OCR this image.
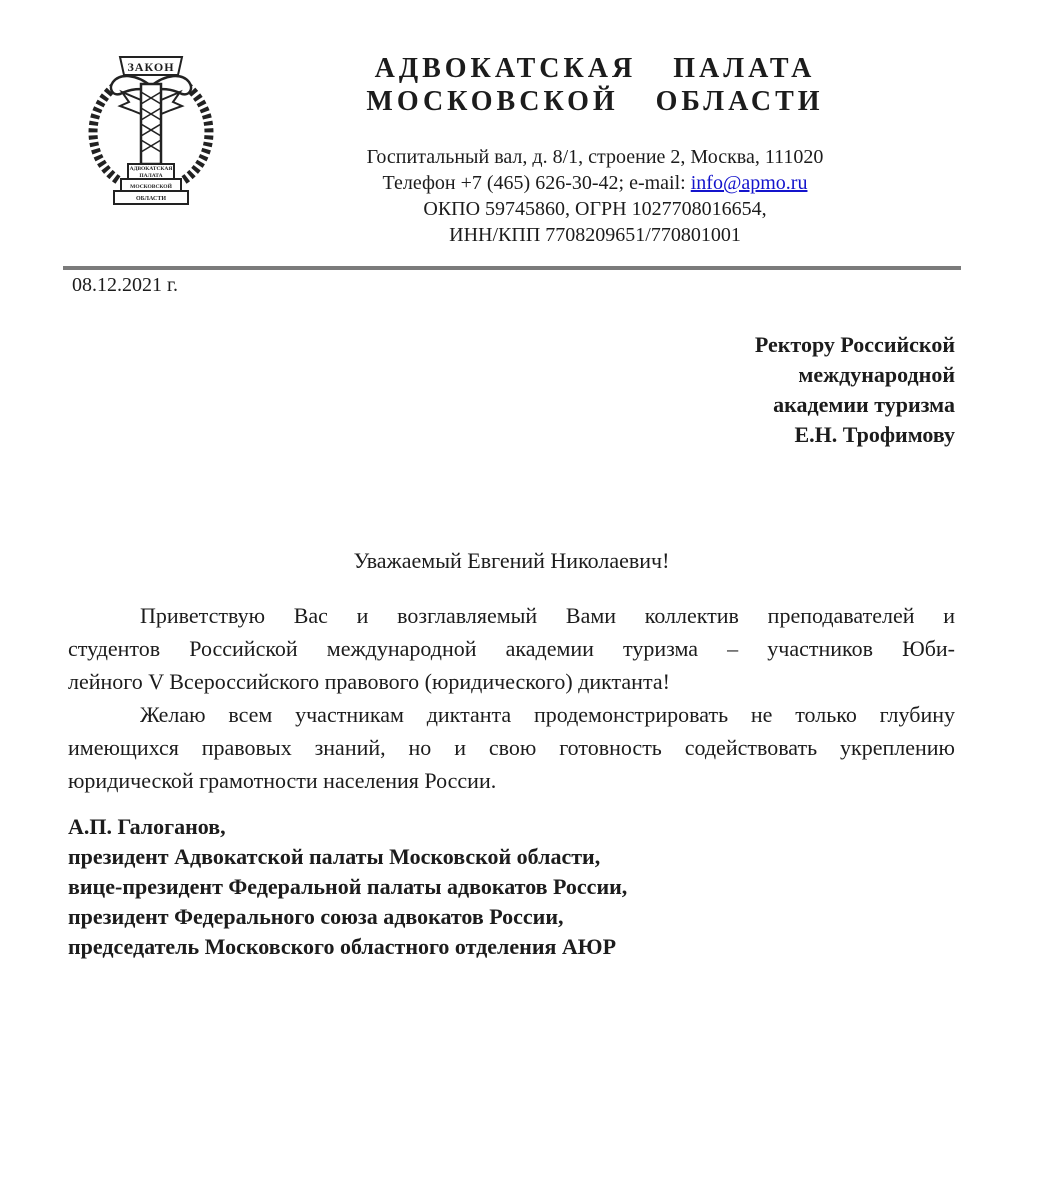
ЗАКОН
АДВОКАТСКАЯ
ПАЛАТА
МОСКОВСКОЙ
ОБЛАСТИ
АДВОКАТСКАЯ ПАЛАТА
МОСКОВСКОЙ ОБЛАСТИ
Госпитальный вал, д. 8/1, строение 2, Москва, 111020
Телефон +7 (465) 626-30-42; e-mail: info@apmo.ru
ОКПО 59745860, ОГРН 1027708016654,
ИНН/КПП 7708209651/770801001
08.12.2021 г.
Ректору Российской
международной
академии туризма
Е.Н. Трофимову
Уважаемый Евгений Николаевич!
Приветствую Вас и возглавляемый Вами коллектив преподавателей и
студентов Российской международной академии туризма – участников Юби-
лейного V Всероссийского правового (юридического) диктанта!
Желаю всем участникам диктанта продемонстрировать не только глубину
имеющихся правовых знаний, но и свою готовность содействовать укреплению
юридической грамотности населения России.
А.П. Галоганов,
президент Адвокатской палаты Московской области,
вице-президент Федеральной палаты адвокатов России,
президент Федерального союза адвокатов России,
председатель Московского областного отделения АЮР
